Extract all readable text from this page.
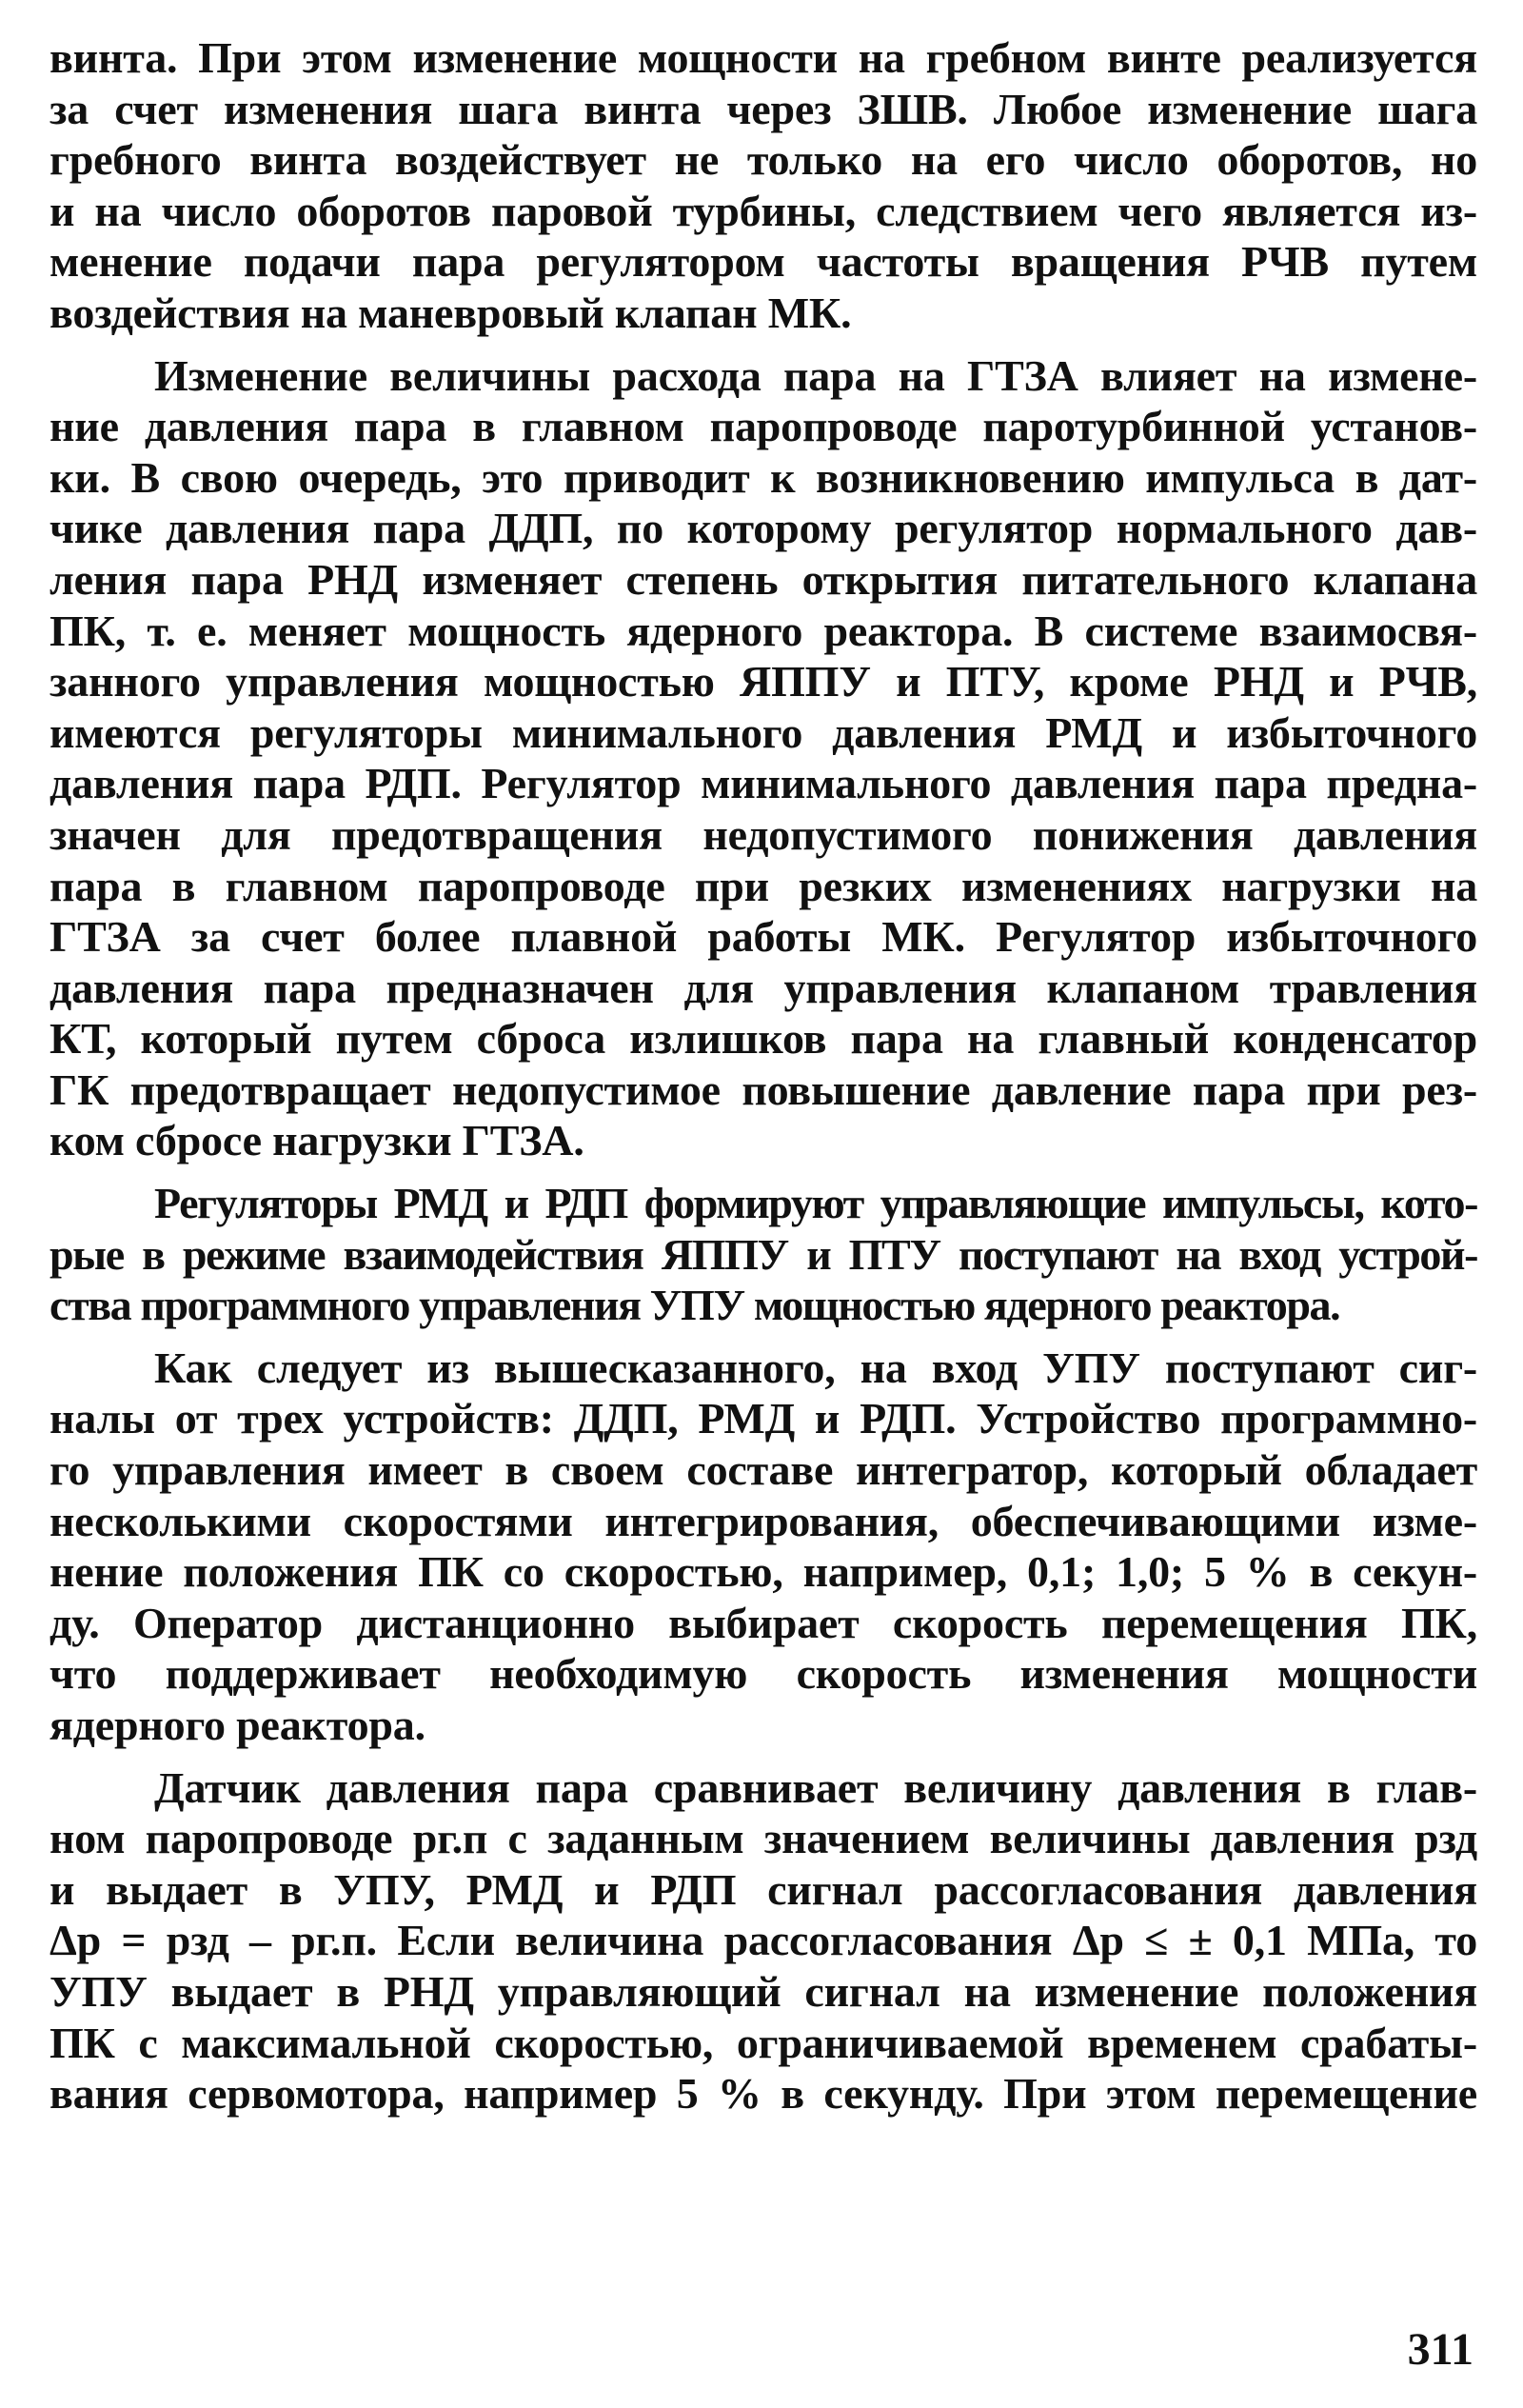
винта. При этом изменение мощности на гребном винте реализуется
за счет изменения шага винта через ЗШВ. Любое изменение шага
гребного винта воздействует не только на его число оборотов, но
и на число оборотов паровой турбины, следствием чего является из-
менение подачи пара регулятором частоты вращения РЧВ путем
воздействия на маневровый клапан МК.

Изменение величины расхода пара на ГТЗА влияет на измене-
ние давления пара в главном паропроводе паротурбинной установ-
ки. В свою очередь, это приводит к возникновению импульса в дат-
чике давления пара ДДП, по которому регулятор нормального дав-
ления пара РНД изменяет степень открытия питательного клапана
ПК, т. е. меняет мощность ядерного реактора. В системе взаимосвя-
занного управления мощностью ЯППУ и ПТУ, кроме РНД и РЧВ,
имеются регуляторы минимального давления РМД и избыточного
давления пара РДП. Регулятор минимального давления пара предна-
значен для предотвращения недопустимого понижения давления
пара в главном паропроводе при резких изменениях нагрузки на
ГТЗА за счет более плавной работы МК. Регулятор избыточного
давления пара предназначен для управления клапаном травления
КТ, который путем сброса излишков пара на главный конденсатор
ГК предотвращает недопустимое повышение давление пара при рез-
ком сбросе нагрузки ГТЗА.

Регуляторы РМД и РДП формируют управляющие импульсы, кото-
рые в режиме взаимодействия ЯППУ и ПТУ поступают на вход устрой-
ства программного управления УПУ мощностью ядерного реактора.

Как следует из вышесказанного, на вход УПУ поступают сиг-
налы от трех устройств: ДДП, РМД и РДП. Устройство программно-
го управления имеет в своем составе интегратор, который обладает
несколькими скоростями интегрирования, обеспечивающими изме-
нение положения ПК со скоростью, например, 0,1; 1,0; 5 % в секун-
ду. Оператор дистанционно выбирает скорость перемещения ПК,
что поддерживает необходимую скорость изменения мощности
ядерного реактора.

Датчик давления пара сравнивает величину давления в глав-
ном паропроводе pг.п с заданным значением величины давления pзд
и выдает в УПУ, РМД и РДП сигнал рассогласования давления
Δp = pзд – pг.п. Если величина рассогласования Δp ≤ ± 0,1 МПа, то
УПУ выдает в РНД управляющий сигнал на изменение положения
ПК с максимальной скоростью, ограничиваемой временем срабаты-
вания сервомотора, например 5 % в секунду. При этом перемещение

311
